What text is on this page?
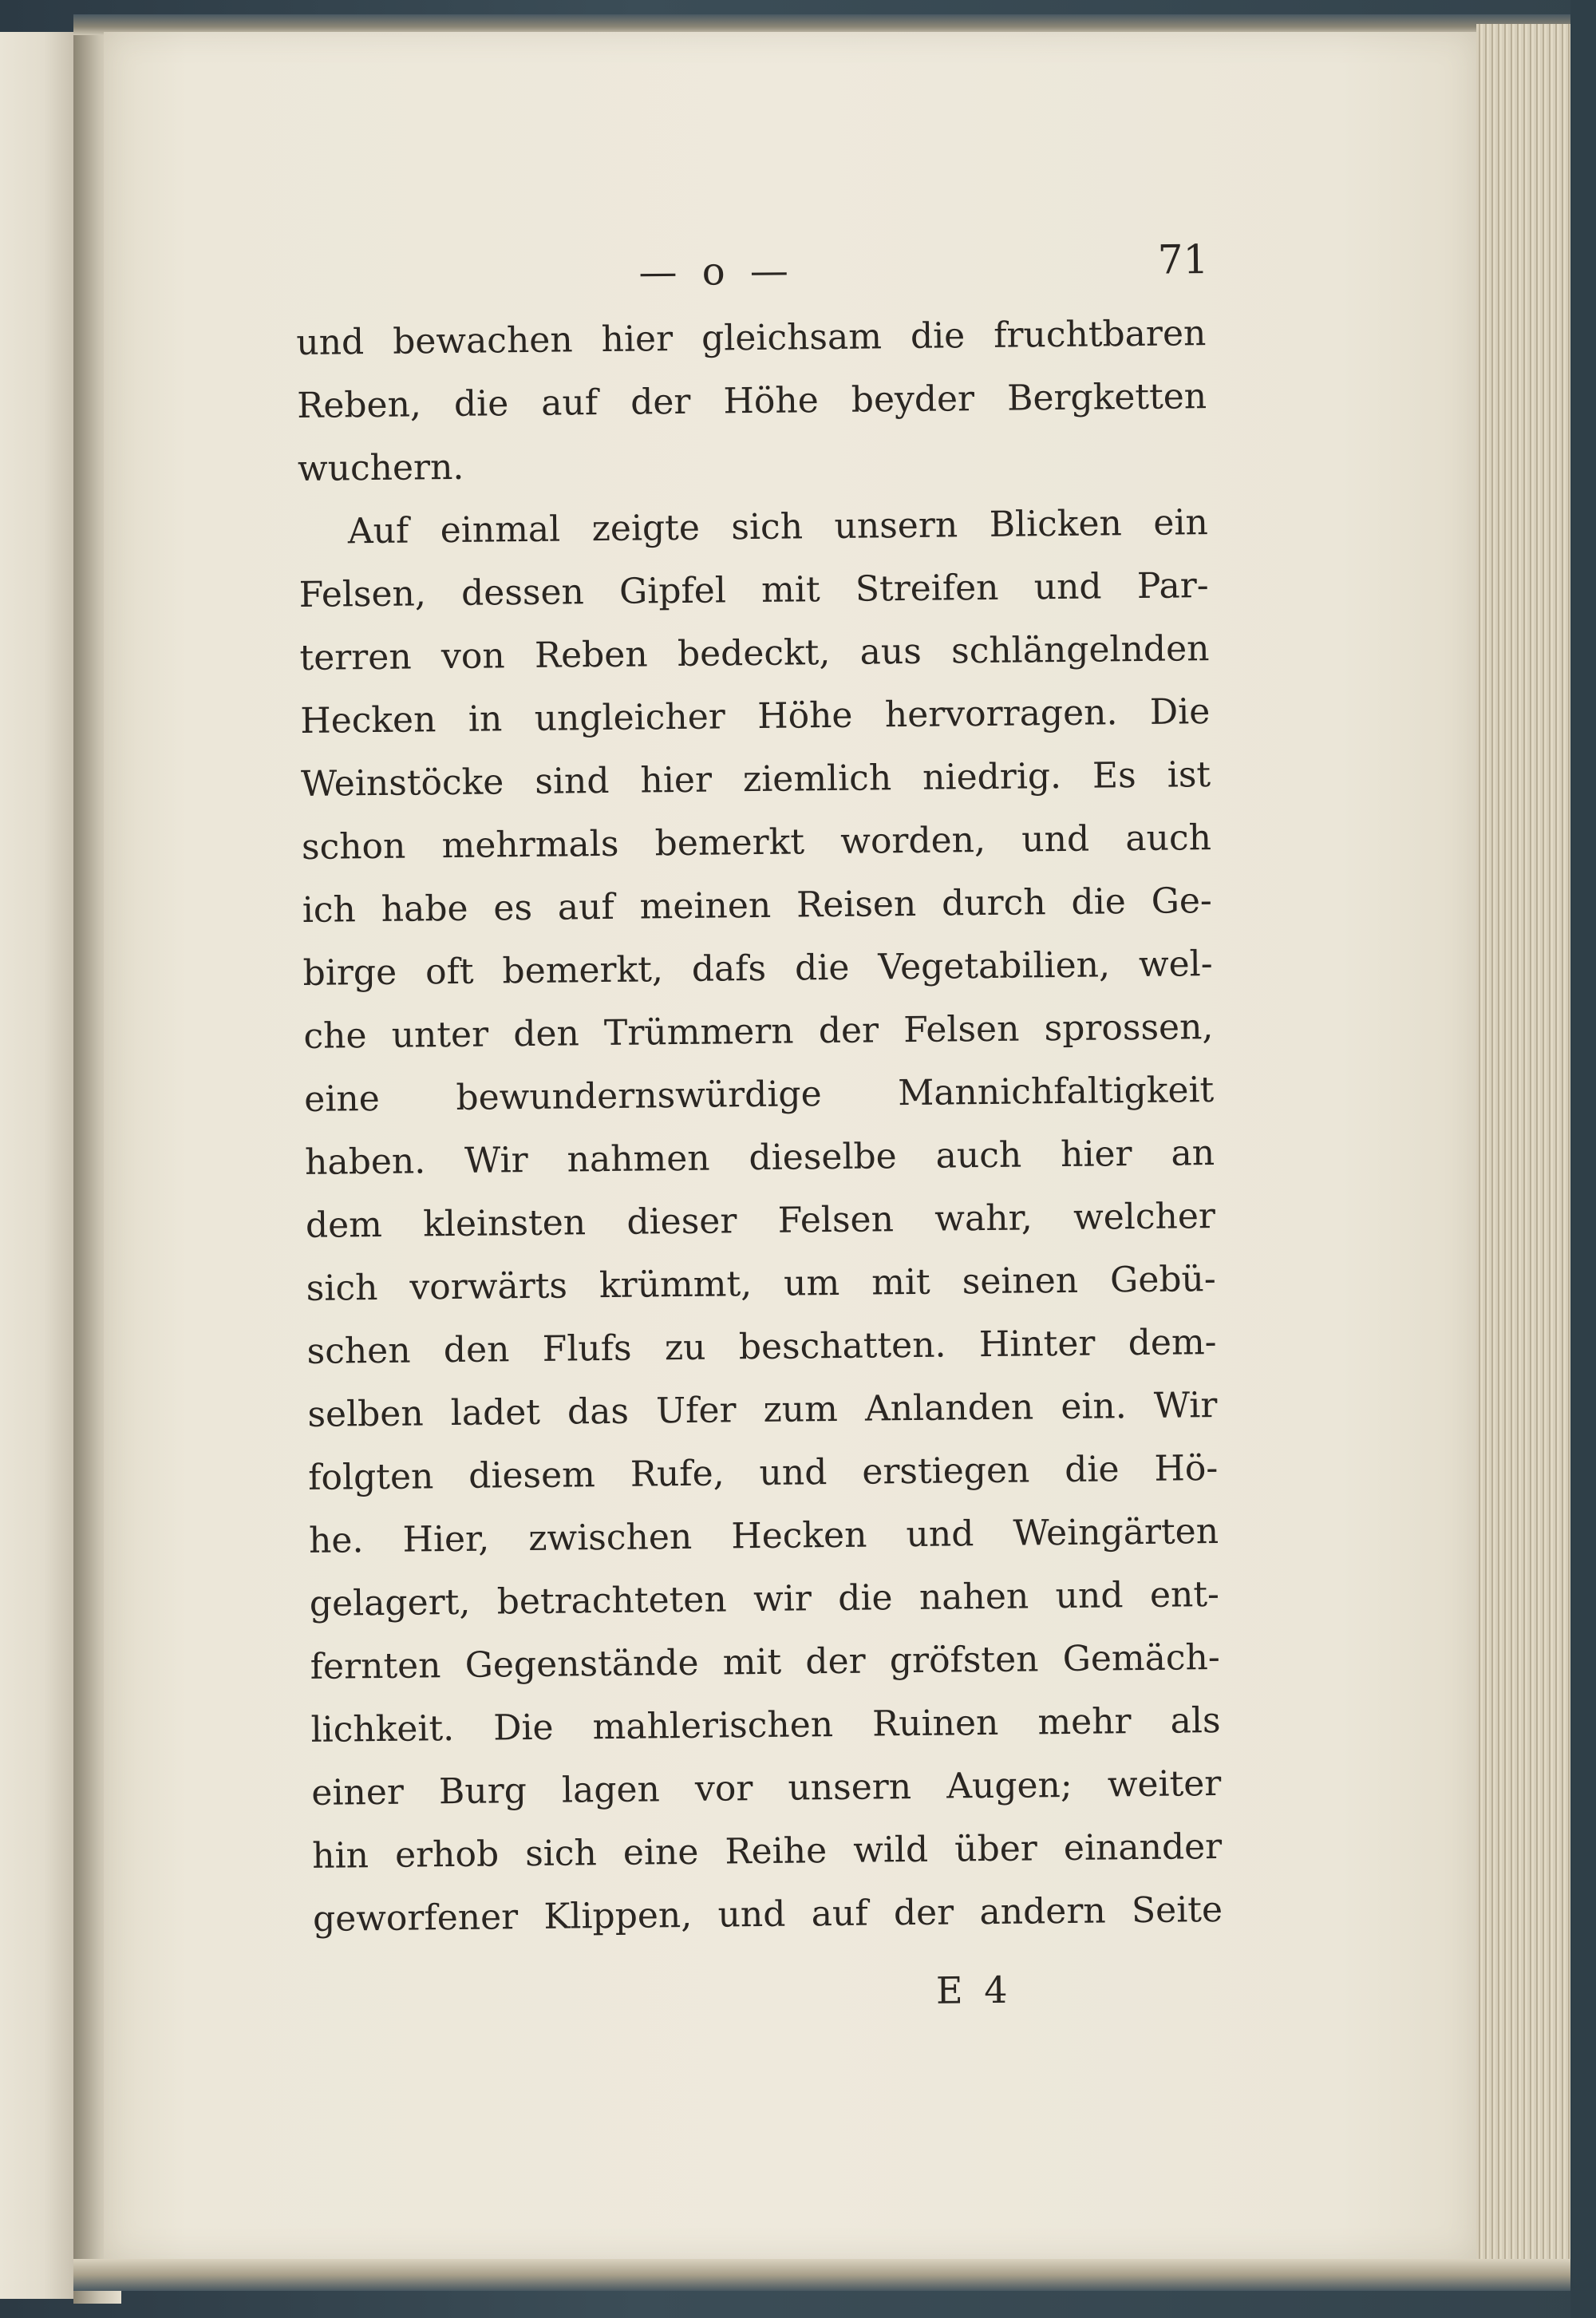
— o —	71
und bewachen hier gleichsam die fruchtbaren
Reben, die auf der Höhe beyder Bergketten
wuchern.
Auf einmal zeigte sich unsern Blicken ein
Felsen, dessen Gipfel mit Streifen und Par-
terren von Reben bedeckt, aus schlängelnden
Hecken in ungleicher Höhe hervorragen. Die
Weinstöcke sind hier ziemlich niedrig. Es ist
schon mehrmals bemerkt worden, und auch
ich habe es auf meinen Reisen durch die Ge-
birge oft bemerkt, dafs die Vegetabilien, wel-
che unter den Trümmern der Felsen sprossen,
eine bewundernswürdige Mannichfaltigkeit
haben. Wir nahmen dieselbe auch hier an
dem kleinsten dieser Felsen wahr, welcher
sich vorwärts krümmt, um mit seinen Gebü-
schen den Flufs zu beschatten. Hinter dem-
selben ladet das Ufer zum Anlanden ein. Wir
folgten diesem Rufe, und erstiegen die Hö-
he. Hier, zwischen Hecken und Weingärten
gelagert, betrachteten wir die nahen und ent-
fernten Gegenstände mit der gröfsten Gemäch-
lichkeit. Die mahlerischen Ruinen mehr als
einer Burg lagen vor unsern Augen; weiter
hin erhob sich eine Reihe wild über einander
geworfener Klippen, und auf der andern Seite
E 4
